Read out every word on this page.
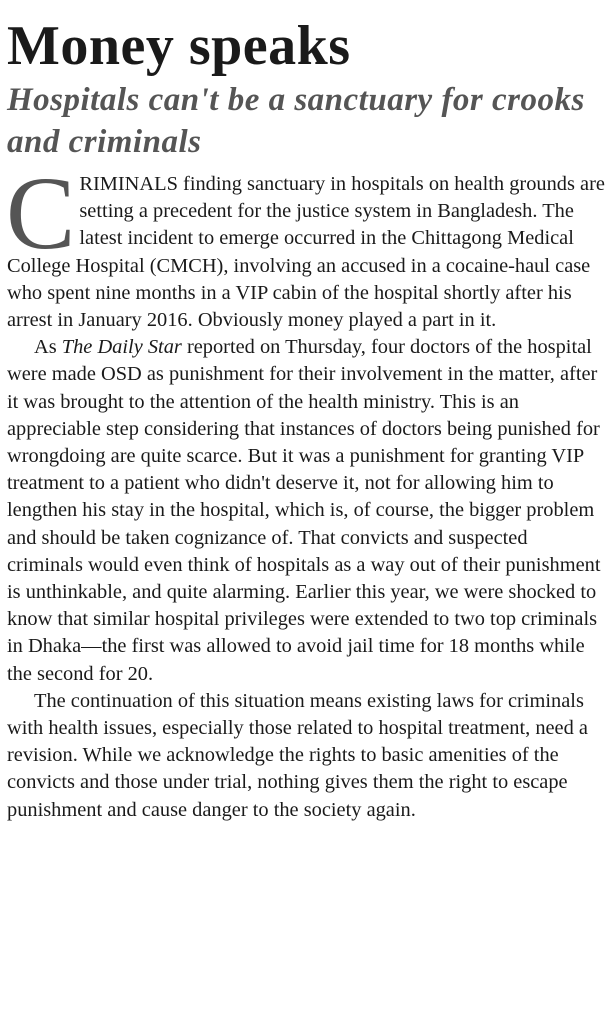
Money speaks
Hospitals can't be a sanctuary for crooks and criminals

CRIMINALS finding sanctuary in hospitals on health grounds are setting a precedent for the justice system in Bangladesh. The latest incident to emerge occurred in the Chittagong Medical College Hospital (CMCH), involving an accused in a cocaine-haul case who spent nine months in a VIP cabin of the hospital shortly after his arrest in January 2016. Obviously money played a part in it.

As The Daily Star reported on Thursday, four doctors of the hospital were made OSD as punishment for their involvement in the matter, after it was brought to the attention of the health ministry. This is an appreciable step considering that instances of doctors being punished for wrongdoing are quite scarce. But it was a punishment for granting VIP treatment to a patient who didn't deserve it, not for allowing him to lengthen his stay in the hospital, which is, of course, the bigger problem and should be taken cognizance of. That convicts and suspected criminals would even think of hospitals as a way out of their punishment is unthinkable, and quite alarming. Earlier this year, we were shocked to know that similar hospital privileges were extended to two top criminals in Dhaka—the first was allowed to avoid jail time for 18 months while the second for 20.

The continuation of this situation means existing laws for criminals with health issues, especially those related to hospital treatment, need a revision. While we acknowledge the rights to basic amenities of the convicts and those under trial, nothing gives them the right to escape punishment and cause danger to the society again.
